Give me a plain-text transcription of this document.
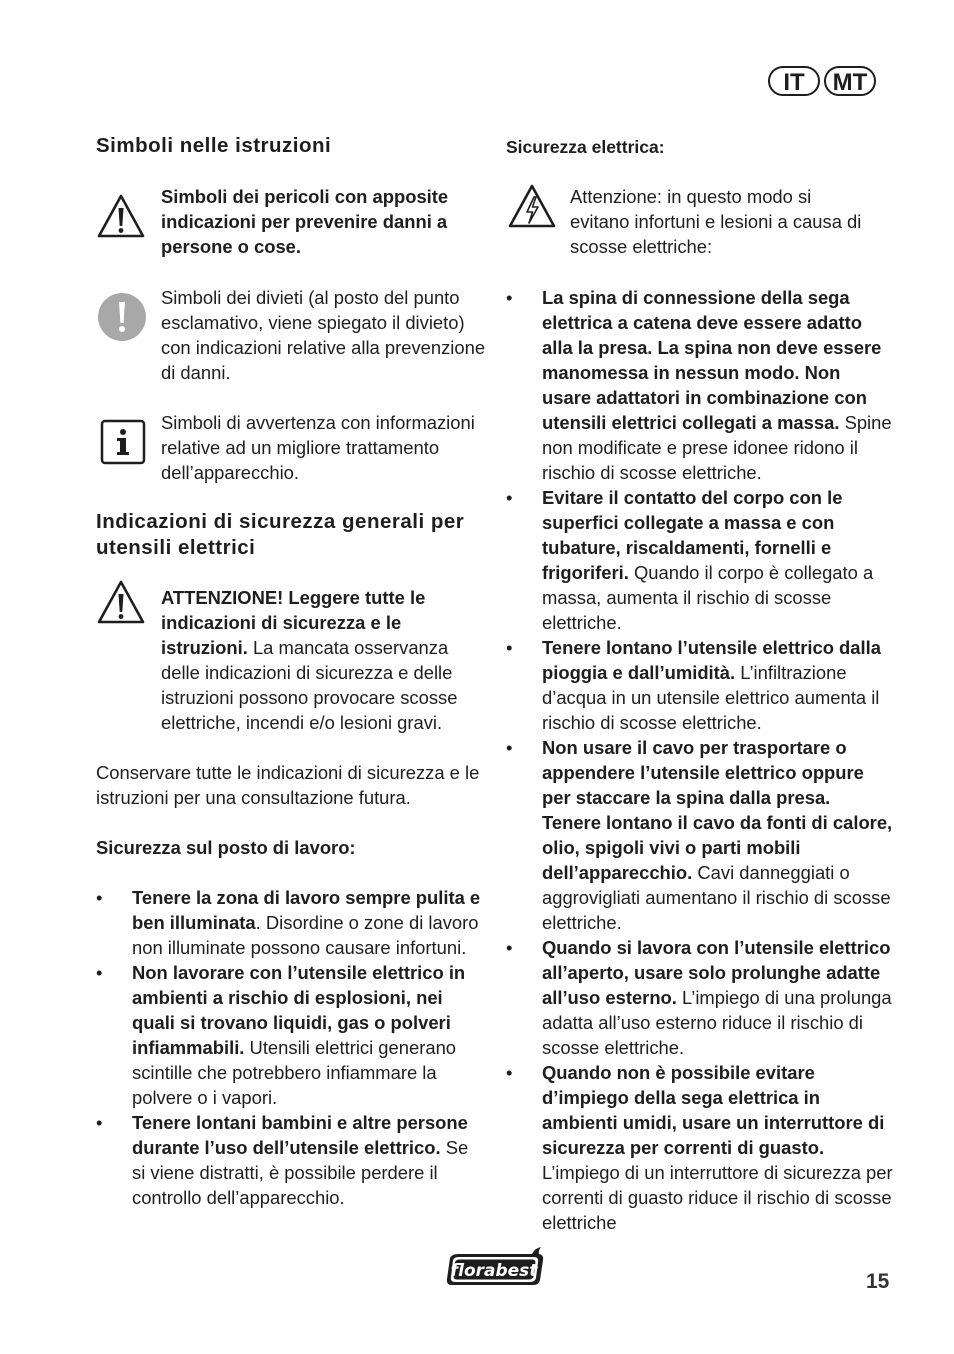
IT	MT
Simboli nelle istruzioni

Simboli dei pericoli con apposite indicazioni per prevenire danni a persone o cose.

Simboli dei divieti (al posto del punto esclamativo, viene spiegato il divieto) con indicazioni relative alla prevenzione di danni.

Simboli di avvertenza con informazioni relative ad un migliore trattamento dell’apparecchio.

Indicazioni di sicurezza generali per utensili elettrici

ATTENZIONE! Leggere tutte le indicazioni di sicurezza e le istruzioni. La mancata osservanza delle indicazioni di sicurezza e delle istruzioni possono provocare scosse elettriche, incendi e/o lesioni gravi.

Conservare tutte le indicazioni di sicurezza e le istruzioni per una consultazione futura.

Sicurezza sul posto di lavoro:
• Tenere la zona di lavoro sempre pulita e ben illuminata. Disordine o zone di lavoro non illuminate possono causare infortuni.
• Non lavorare con l’utensile elettrico in ambienti a rischio di esplosioni, nei quali si trovano liquidi, gas o polveri infiammabili. Utensili elettrici generano scintille che potrebbero infiammare la polvere o i vapori.
• Tenere lontani bambini e altre persone durante l’uso dell’utensile elettrico. Se si viene distratti, è possibile perdere il controllo dell’apparecchio.
Sicurezza elettrica:

Attenzione: in questo modo si evitano infortuni e lesioni a causa di scosse elettriche:

• La spina di connessione della sega elettrica a catena deve essere adatto alla la presa. La spina non deve essere manomessa in nessun modo. Non usare adattatori in combinazione con utensili elettrici collegati a massa. Spine non modificate e prese idonee ridono il rischio di scosse elettriche.
• Evitare il contatto del corpo con le superfici collegate a massa e con tubature, riscaldamenti, fornelli e frigoriferi. Quando il corpo è collegato a massa, aumenta il rischio di scosse elettriche.
• Tenere lontano l’utensile elettrico dalla pioggia e dall’umidità. L’infiltrazione d’acqua in un utensile elettrico aumenta il rischio di scosse elettriche.
• Non usare il cavo per trasportare o appendere l’utensile elettrico oppure per staccare la spina dalla presa. Tenere lontano il cavo da fonti di calore, olio, spigoli vivi o parti mobili dell’apparecchio. Cavi danneggiati o aggrovigliati aumentano il rischio di scosse elettriche.
• Quando si lavora con l’utensile elettrico all’aperto, usare solo prolunghe adatte all’uso esterno. L’impiego di una prolunga adatta all’uso esterno riduce il rischio di scosse elettriche.
• Quando non è possibile evitare d’impiego della sega elettrica in ambienti umidi, usare un interruttore di sicurezza per correnti di guasto. L’impiego di un interruttore di sicurezza per correnti di guasto riduce il rischio di scosse elettriche
florabest	15
